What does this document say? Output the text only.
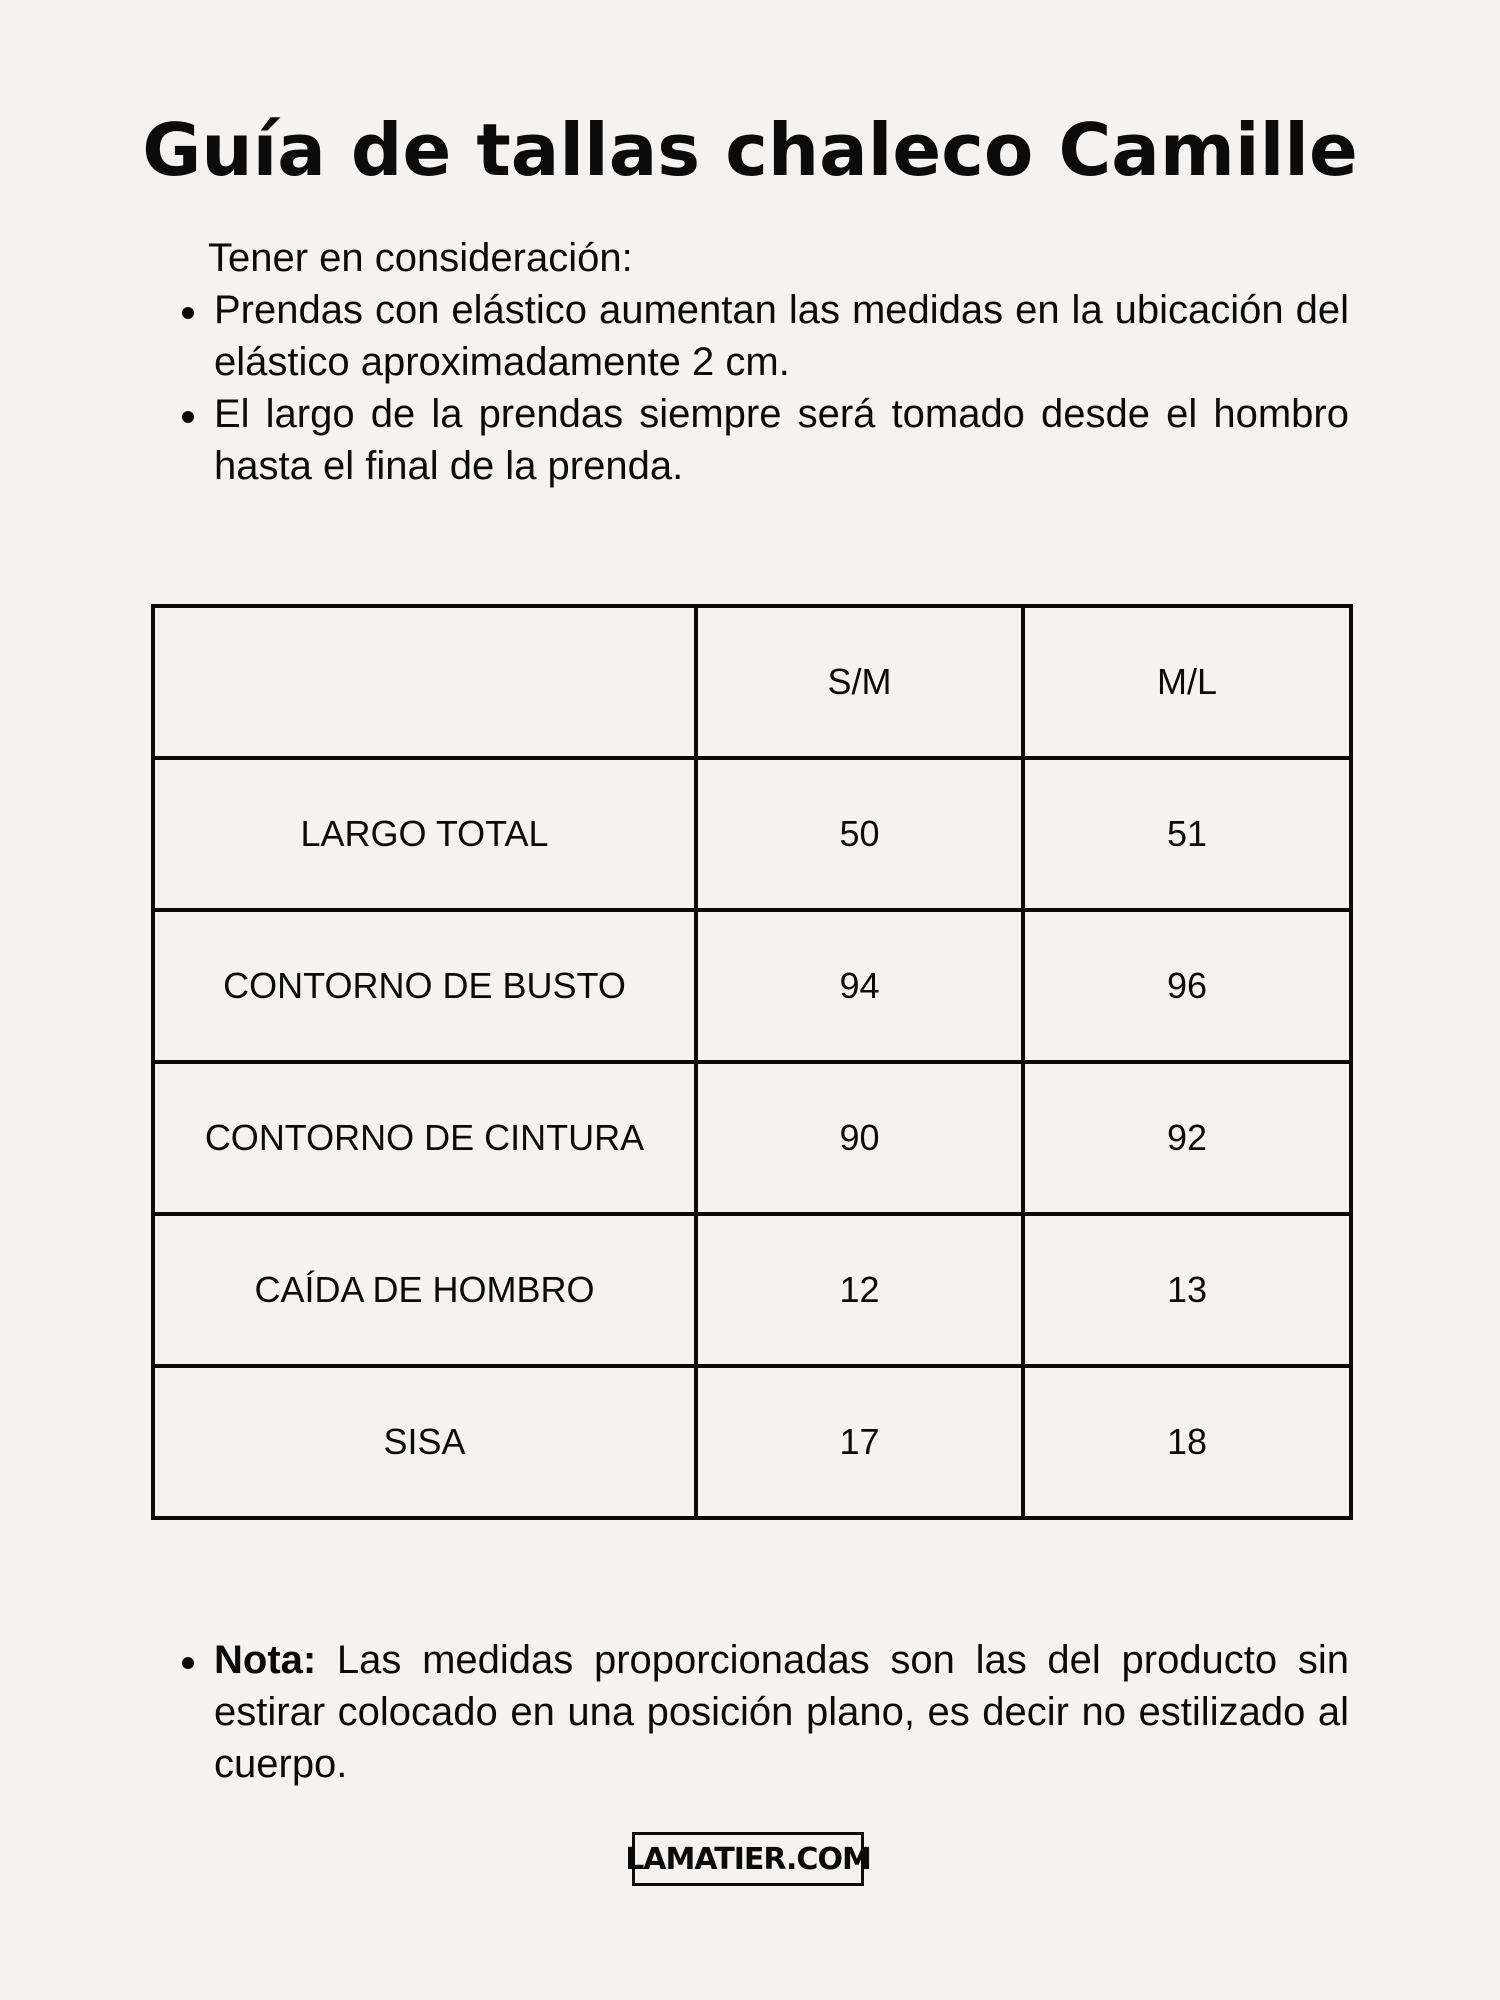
Guía de tallas chaleco Camille

Tener en consideración:

Prendas con elástico aumentan las medidas en la ubicación del elástico aproximadamente 2 cm.
El largo de la prendas siempre será tomado desde el hombro hasta el final de la prenda.
	S/M	M/L
LARGO TOTAL	50	51
CONTORNO DE BUSTO	94	96
CONTORNO DE CINTURA	90	92
CAÍDA DE HOMBRO	12	13
SISA	17	18
Nota: Las medidas proporcionadas son las del producto sin estirar colocado en una posición plano, es decir no estilizado al cuerpo.
LAMATIER.COM
